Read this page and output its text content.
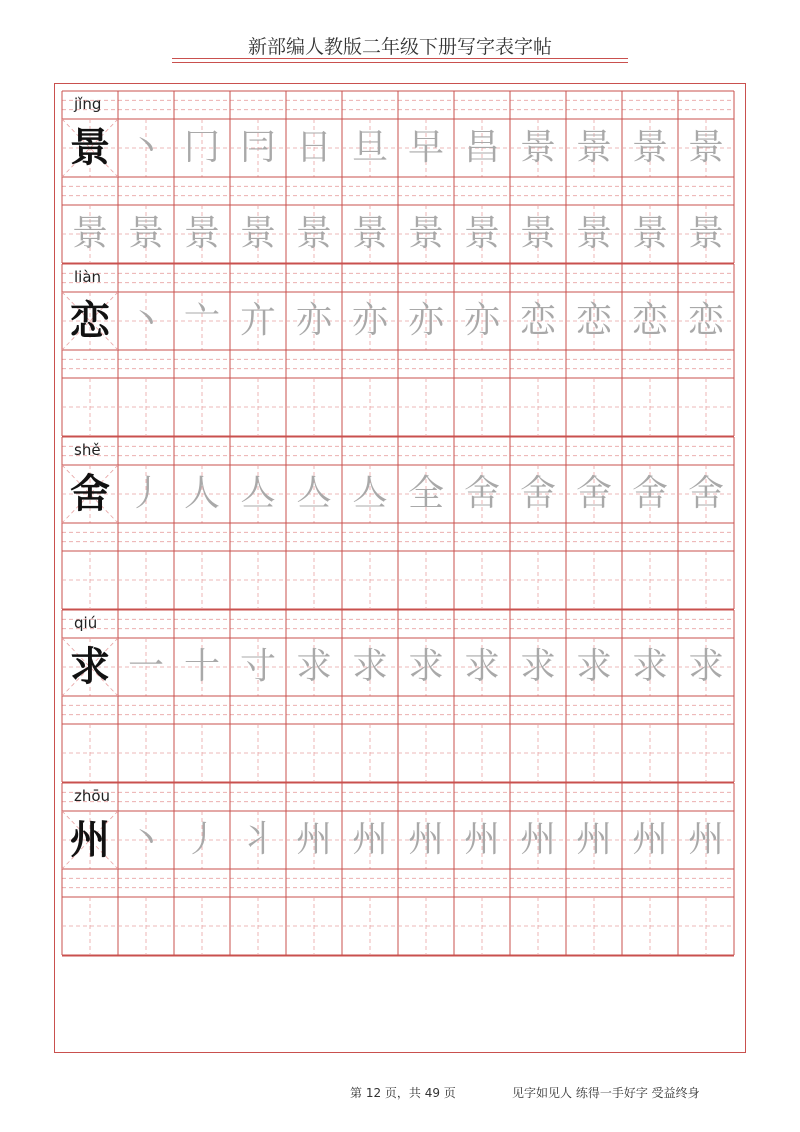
新部编人教版二年级下册写字表字帖
jǐng
景 丶 冂 冃 日 旦 早 昌 景 景 景 景
景 景 景 景 景 景 景 景 景 景 景 景
liàn
恋 丶 亠 亣 亦 亦 亦 亦 恋 恋 恋 恋
shě
舍 丿 人 亼 亼 亼 全 舍 舍 舍 舍 舍
qiú
求 一 十 寸 求 求 求 求 求 求 求 求
zhōu
州 丶 丿 丬 州 州 州 州 州 州 州 州
第 12 页，共 49 页	见字如见人 练得一手好字 受益终身
